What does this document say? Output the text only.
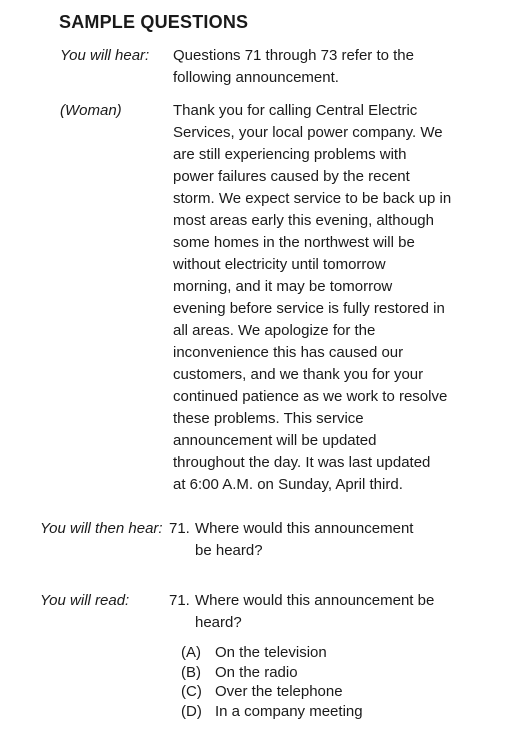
SAMPLE QUESTIONS
You will hear: Questions 71 through 73 refer to the
following announcement.
(Woman)	Thank you for calling Central Electric
Services, your local power company. We
are still experiencing problems with
power failures caused by the recent
storm. We expect service to be back up in
most areas early this evening, although
some homes in the northwest will be
without electricity until tomorrow
morning, and it may be tomorrow
evening before service is fully restored in
all areas. We apologize for the
inconvenience this has caused our
customers, and we thank you for your
continued patience as we work to resolve
these problems. This service
announcement will be updated
throughout the day. It was last updated
at 6:00 A.M. on Sunday, April third.
You will then hear: 71. Where would this announcement
be heard?
You will read:	71. Where would this announcement be
heard?
(A) On the television
(B) On the radio
(C) Over the telephone
(D) In a company meeting
